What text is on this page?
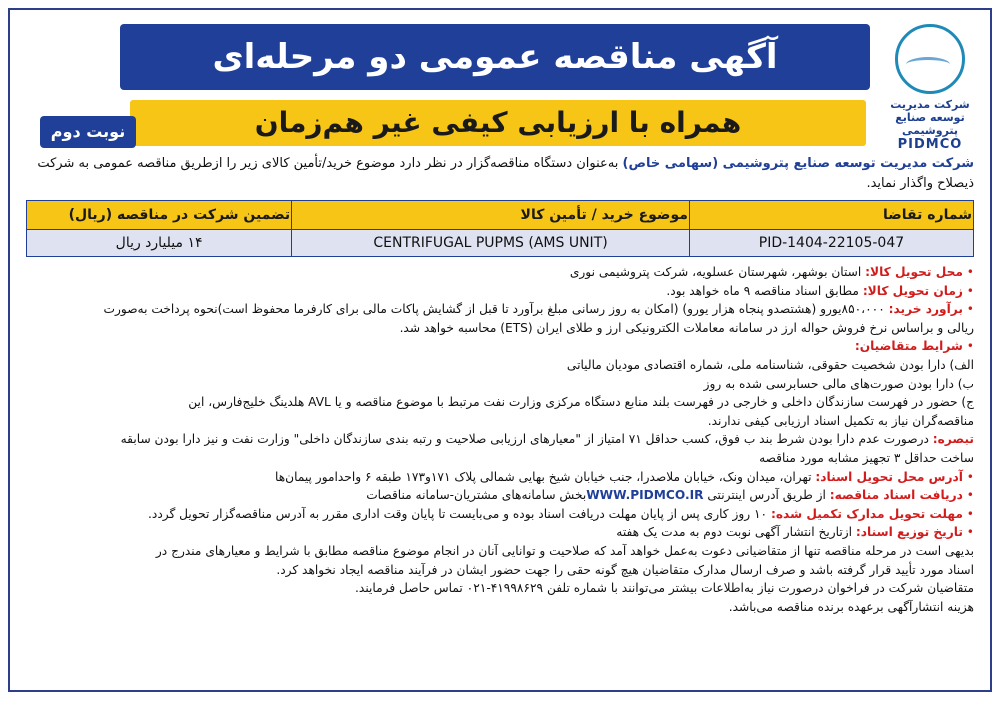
آگهی مناقصه عمومی دو مرحله‌ای
همراه با ارزیابی کیفی غیر هم‌زمان
نوبت دوم
شرکت مدیریت توسعه صنایع پتروشیمی
PIDMCO
شرکت مدیریت توسعه صنایع پتروشیمی (سهامی خاص) به‌عنوان دستگاه مناقصه‌گزار در نظر دارد موضوع خرید/تأمین کالای زیر را ازطریق مناقصه عمومی به شرکت
ذیصلاح واگذار نماید.
شماره تقاضا	موضوع خرید / تأمین کالا	تضمین شرکت در مناقصه (ریال)
PID-1404-22105-047	CENTRIFUGAL PUPMS (AMS UNIT)	۱۴ میلیارد ریال
• محل تحویل کالا: استان بوشهر، شهرستان عسلویه، شرکت پتروشیمی نوری
• زمان تحویل کالا: مطابق اسناد مناقصه ۹ ماه خواهد بود.
• برآورد خرید: ۸۵۰،۰۰۰یورو (هشتصدو پنجاه هزار یورو) (امکان به روز رسانی مبلغ برآورد تا قبل از گشایش پاکات مالی برای کارفرما محفوظ است)نحوه پرداخت به‌صورت
ریالی و براساس نرخ فروش حواله ارز در سامانه معاملات الکترونیکی ارز و طلای ایران (ETS) محاسبه خواهد شد.
• شرایط متقاضیان:
الف) دارا بودن شخصیت حقوقی، شناسنامه ملی، شماره اقتصادی مودیان مالیاتی
ب) دارا بودن صورت‌های مالی حسابرسی شده به روز
ج) حضور در فهرست سازندگان داخلی و خارجی در فهرست بلند منابع دستگاه مرکزی وزارت نفت مرتبط با موضوع مناقصه و یا AVL هلدینگ خلیج‌فارس، این
مناقصه‌گران نیاز به تکمیل اسناد ارزیابی کیفی ندارند.
تبصره: درصورت عدم دارا بودن شرط بند ب فوق، کسب حداقل ۷۱ امتیاز از "معیارهای ارزیابی صلاحیت و رتبه بندی سازندگان داخلی" وزارت نفت و نیز دارا بودن سابقه
ساخت حداقل ۳ تجهیز مشابه مورد مناقصه
• آدرس محل تحویل اسناد: تهران، میدان ونک، خیابان ملاصدرا، جنب خیابان شیخ بهایی شمالی پلاک ۱۷۱و۱۷۳ طبقه ۶ واحدامور پیمان‌ها
• دریافت اسناد مناقصه: از طریق آدرس اینترنتی WWW.PIDMCO.IRبخش سامانه‌های مشتریان-سامانه مناقصات
• مهلت تحویل مدارک تکمیل شده: ۱۰ روز کاری پس از پایان مهلت دریافت اسناد بوده و می‌بایست تا پایان وقت اداری مقرر به آدرس مناقصه‌گزار تحویل گردد.
• تاریخ توزیع اسناد: ازتاریخ انتشار آگهی نوبت دوم به مدت یک هفته
بدیهی است در مرحله مناقصه تنها از متقاضیانی دعوت به‌عمل خواهد آمد که صلاحیت و توانایی آنان در انجام موضوع مناقصه مطابق با شرایط و معیارهای مندرج در
اسناد مورد تأیید قرار گرفته باشد و صرف ارسال مدارک متقاضیان هیچ گونه حقی را جهت حضور ایشان در فرآیند مناقصه ایجاد نخواهد کرد.
متقاضیان شرکت در فراخوان درصورت نیاز به‌اطلاعات بیشتر می‌توانند با شماره تلفن ۴۱۹۹۸۶۲۹-۰۲۱ تماس حاصل فرمایند.
هزینه انتشارآگهی برعهده برنده مناقصه می‌باشد.
